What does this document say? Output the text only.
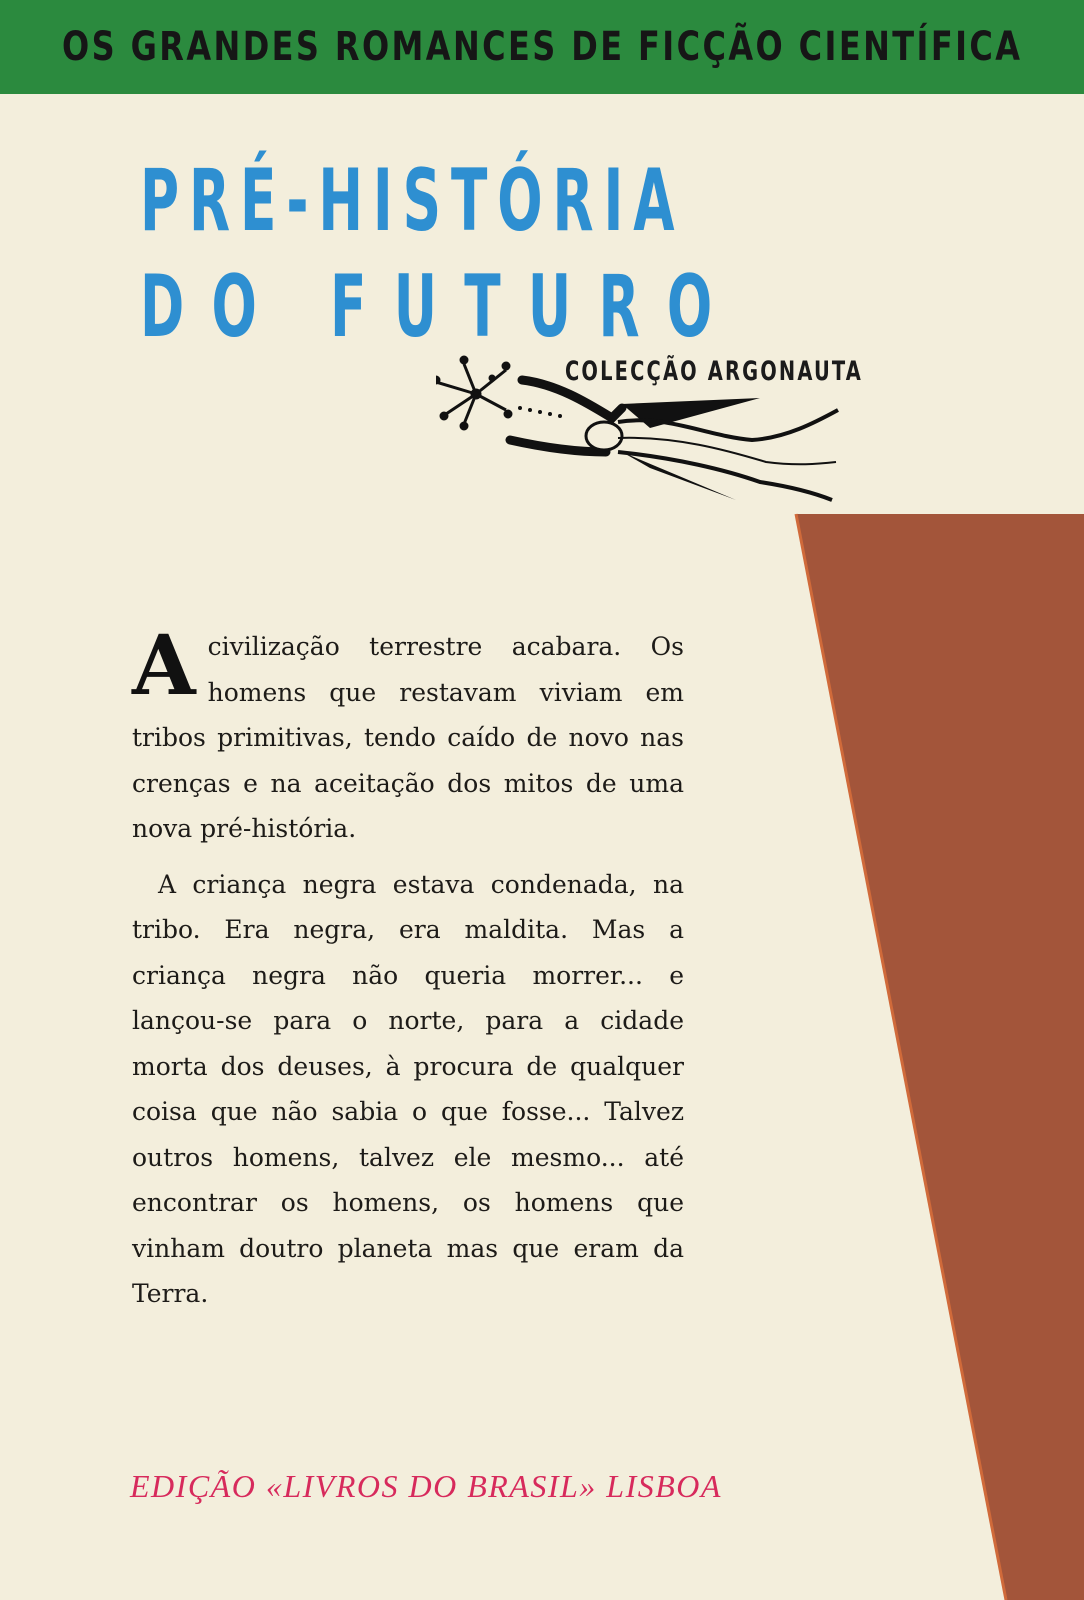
OS GRANDES ROMANCES DE FICÇÃO CIENTÍFICA
PRÉ-HISTÓRIA
DO FUTURO
COLECÇÃO ARGONAUTA

Acivilização terrestre acabara. Os homens que restavam viviam em tribos primitivas, tendo caído de novo nas crenças e na aceitação dos mitos de uma nova pré-história.

A criança negra estava condenada, na tribo. Era negra, era maldita. Mas a criança negra não queria morrer... e lançou-se para o norte, para a cidade morta dos deuses, à procura de qualquer coisa que não sabia o que fosse... Talvez outros homens, talvez ele mesmo... até encontrar os homens, os homens que vinham doutro planeta mas que eram da Terra.

EDIÇÃO «LIVROS DO BRASIL» LISBOA
